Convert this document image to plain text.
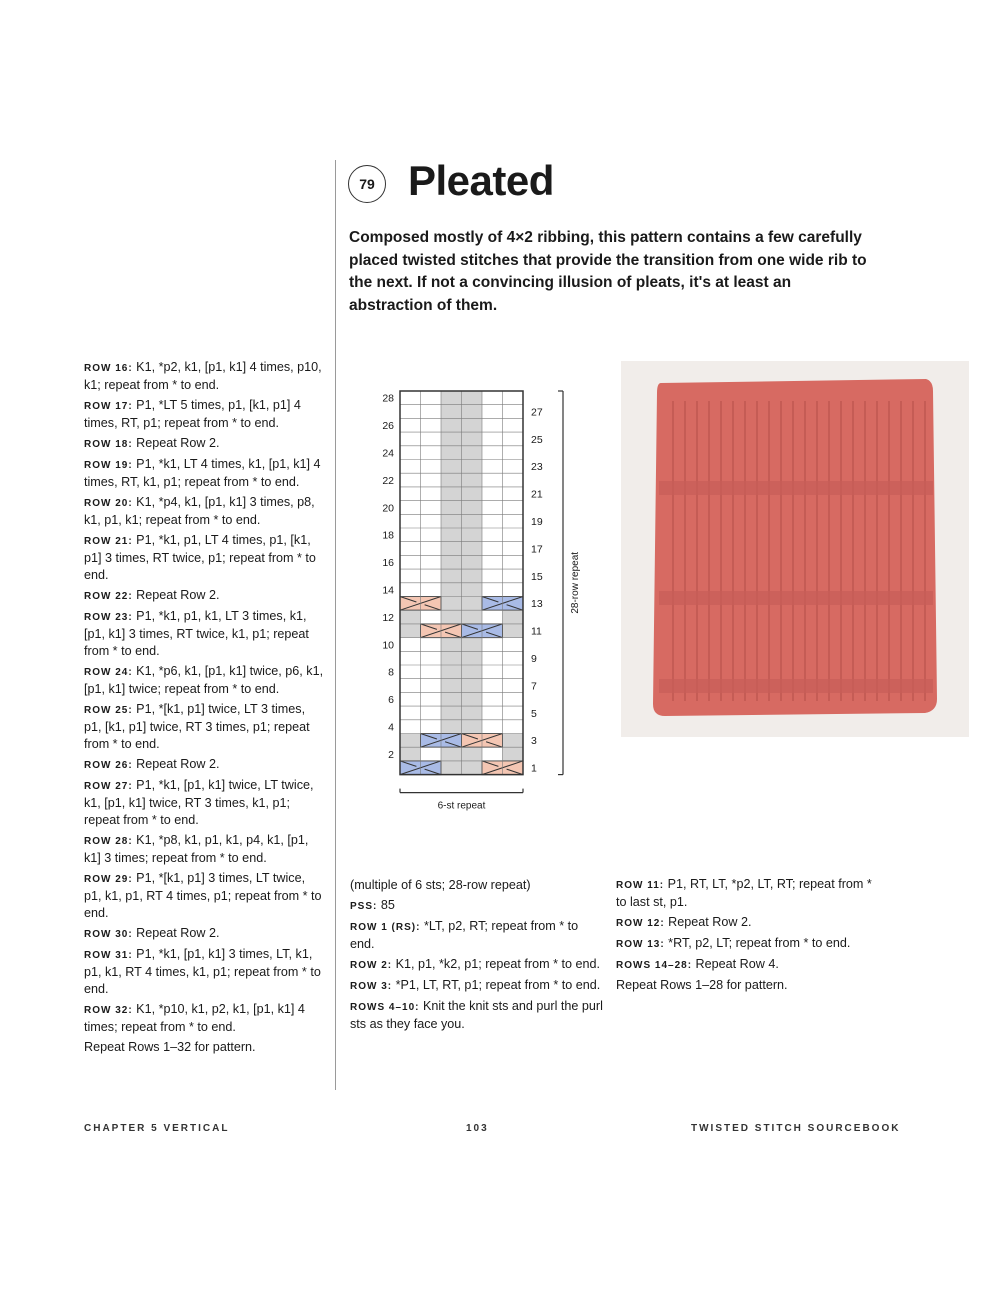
79 Pleated

Composed mostly of 4×2 ribbing, this pattern contains a few carefully placed twisted stitches that provide the transition from one wide rib to the next. If not a convincing illusion of pleats, it's at least an abstraction of them.

ROW 16: K1, *p2, k1, [p1, k1] 4 times, p10, k1; repeat from * to end.

ROW 17: P1, *LT 5 times, p1, [k1, p1] 4 times, RT, p1; repeat from * to end.

ROW 18: Repeat Row 2.

ROW 19: P1, *k1, LT 4 times, k1, [p1, k1] 4 times, RT, k1, p1; repeat from * to end.

ROW 20: K1, *p4, k1, [p1, k1] 3 times, p8, k1, p1, k1; repeat from * to end.

ROW 21: P1, *k1, p1, LT 4 times, p1, [k1, p1] 3 times, RT twice, p1; repeat from * to end.

ROW 22: Repeat Row 2.

ROW 23: P1, *k1, p1, k1, LT 3 times, k1, [p1, k1] 3 times, RT twice, k1, p1; repeat from * to end.

ROW 24: K1, *p6, k1, [p1, k1] twice, p6, k1, [p1, k1] twice; repeat from * to end.

ROW 25: P1, *[k1, p1] twice, LT 3 times, p1, [k1, p1] twice, RT 3 times, p1; repeat from * to end.

ROW 26: Repeat Row 2.

ROW 27: P1, *k1, [p1, k1] twice, LT twice, k1, [p1, k1] twice, RT 3 times, k1, p1; repeat from * to end.

ROW 28: K1, *p8, k1, p1, k1, p4, k1, [p1, k1] 3 times; repeat from * to end.

ROW 29: P1, *[k1, p1] 3 times, LT twice, p1, k1, p1, RT 4 times, p1; repeat from * to end.

ROW 30: Repeat Row 2.

ROW 31: P1, *k1, [p1, k1] 3 times, LT, k1, p1, k1, RT 4 times, k1, p1; repeat from * to end.

ROW 32: K1, *p10, k1, p2, k1, [p1, k1] 4 times; repeat from * to end.

Repeat Rows 1–32 for pattern.

(multiple of 6 sts; 28-row repeat)

PSS: 85

ROW 1 (RS): *LT, p2, RT; repeat from * to end.

ROW 2: K1, p1, *k2, p1; repeat from * to end.

ROW 3: *P1, LT, RT, p1; repeat from * to end.

ROWS 4–10: Knit the knit sts and purl the purl sts as they face you.

ROW 11: P1, RT, LT, *p2, LT, RT; repeat from * to last st, p1.

ROW 12: Repeat Row 2.

ROW 13: *RT, p2, LT; repeat from * to end.

ROWS 14–28: Repeat Row 4.

Repeat Rows 1–28 for pattern.

28
26
24
22
20
18
16
14
12
10
8
6
4
2
27
25
23
21
19
17
15
13
11
9
7
5
3
1
28-row repeat
6-st repeat
CHAPTER 5 VERTICAL	103	TWISTED STITCH SOURCEBOOK
